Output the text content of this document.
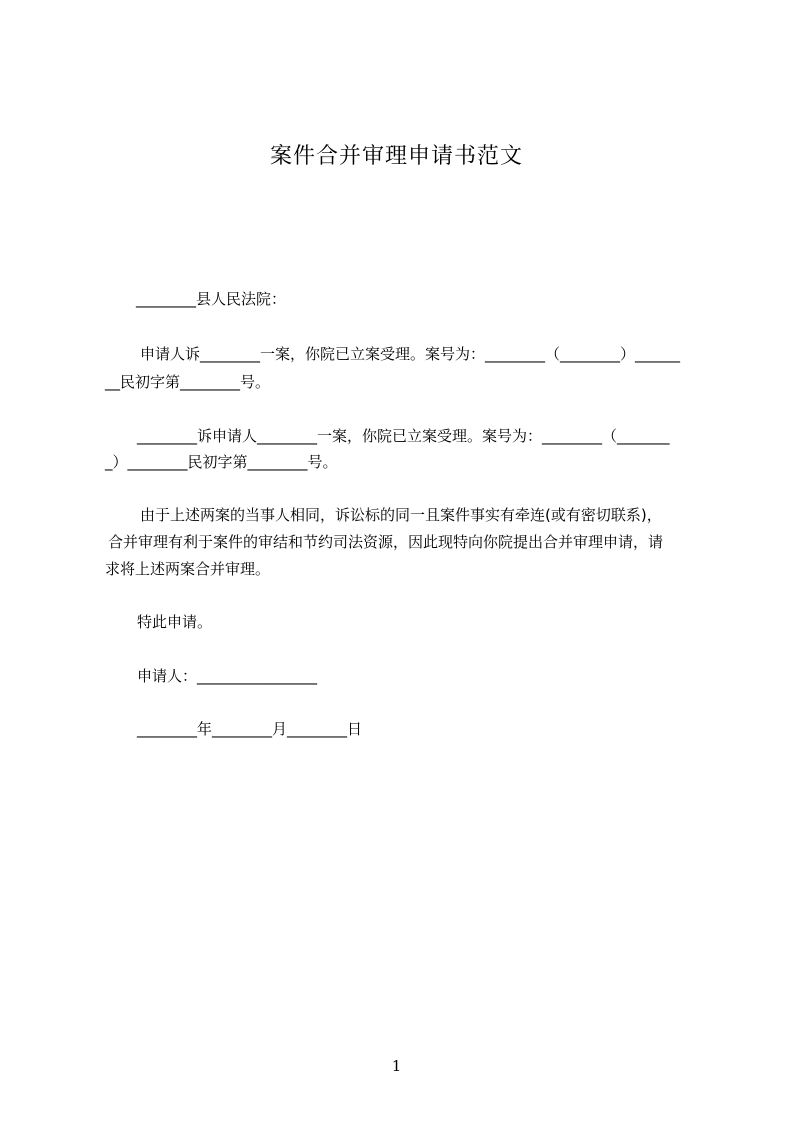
案件合并审理申请书范文
________县人民法院：
申请人诉________一案，你院已立案受理。案号为：________（________）______
__民初字第________号。
________诉申请人________一案，你院已立案受理。案号为：________（_______
_）________民初字第________号。
由于上述两案的当事人相同，诉讼标的同一且案件事实有牵连(或有密切联系)，
合并审理有利于案件的审结和节约司法资源，因此现特向你院提出合并审理申请，请
求将上述两案合并审理。
特此申请。
申请人：________________
________年________月________日
1
